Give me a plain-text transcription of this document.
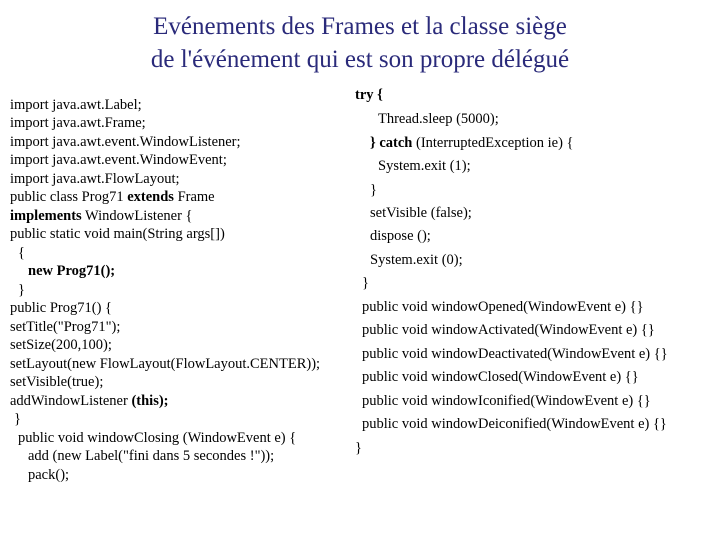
Evénements des Frames et la classe siège
de l'événement qui est son propre délégué
import java.awt.Label;
import java.awt.Frame;
import java.awt.event.WindowListener;
import java.awt.event.WindowEvent;
import java.awt.FlowLayout;
public class Prog71 extends Frame
implements WindowListener {
public static void main(String args[])
{
new Prog71();
}
public Prog71() {
setTitle("Prog71");
setSize(200,100);
setLayout(new FlowLayout(FlowLayout.CENTER));
setVisible(true);
addWindowListener (this);
}
public void windowClosing (WindowEvent e) {
add (new Label("fini dans 5 secondes !"));
pack();
try {
Thread.sleep (5000);
} catch (InterruptedException ie) {
System.exit (1);
}
setVisible (false);
dispose ();
System.exit (0);
}
public void windowOpened(WindowEvent e) {}
public void windowActivated(WindowEvent e) {}
public void windowDeactivated(WindowEvent e) {}
public void windowClosed(WindowEvent e) {}
public void windowIconified(WindowEvent e) {}
public void windowDeiconified(WindowEvent e) {}
}
